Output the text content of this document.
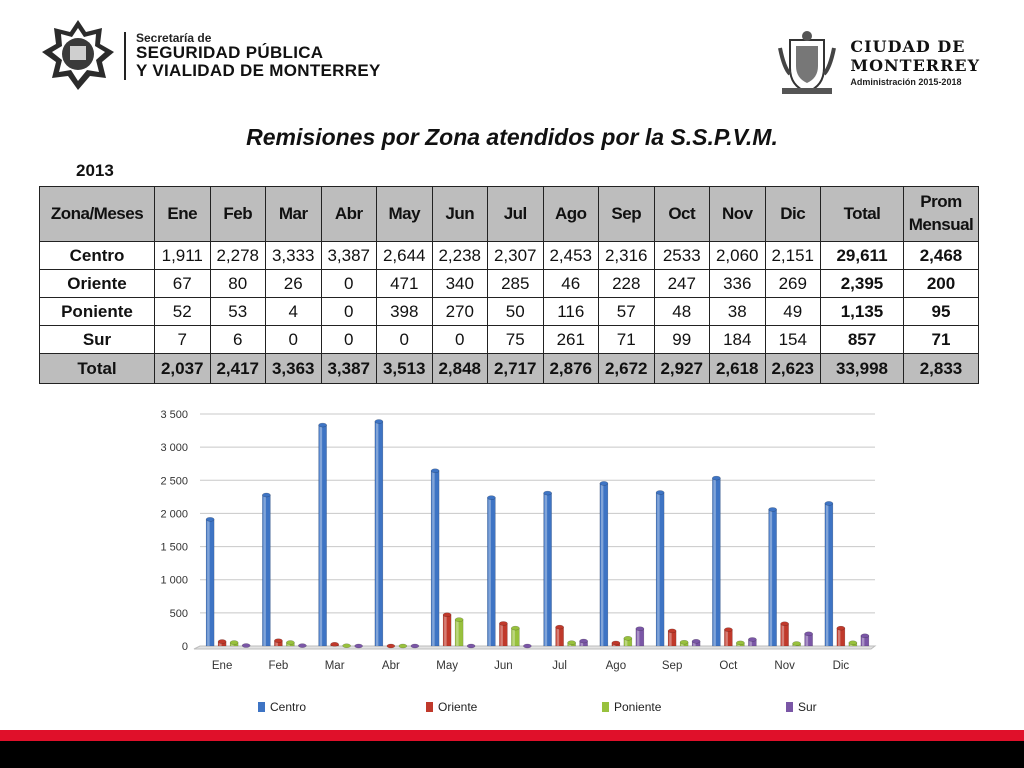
Secretaría de
SEGURIDAD PÚBLICA
Y VIALIDAD DE MONTERREY
CIUDAD DE
MONTERREY
Administración 2015-2018
Remisiones por Zona atendidos por la S.S.P.V.M.
2013
Zona/Meses	Ene	Feb	Mar	Abr	May	Jun	Jul	Ago	Sep	Oct	Nov	Dic	Total	Prom
Mensual
Centro	1,911	2,278	3,333	3,387	2,644	2,238	2,307	2,453	2,316	2533	2,060	2,151	29,611	2,468
Oriente	67	80	26	0	471	340	285	46	228	247	336	269	2,395	200
Poniente	52	53	4	0	398	270	50	116	57	48	38	49	1,135	95
Sur	7	6	0	0	0	0	75	261	71	99	184	154	857	71
Total	2,037	2,417	3,363	3,387	3,513	2,848	2,717	2,876	2,672	2,927	2,618	2,623	33,998	2,833
0
500
1 000
1 500
2 000
2 500
3 000
3 500
Ene	Feb	Mar	Abr	May	Jun	Jul	Ago	Sep	Oct	Nov	Dic
Centro	Oriente	Poniente	Sur
